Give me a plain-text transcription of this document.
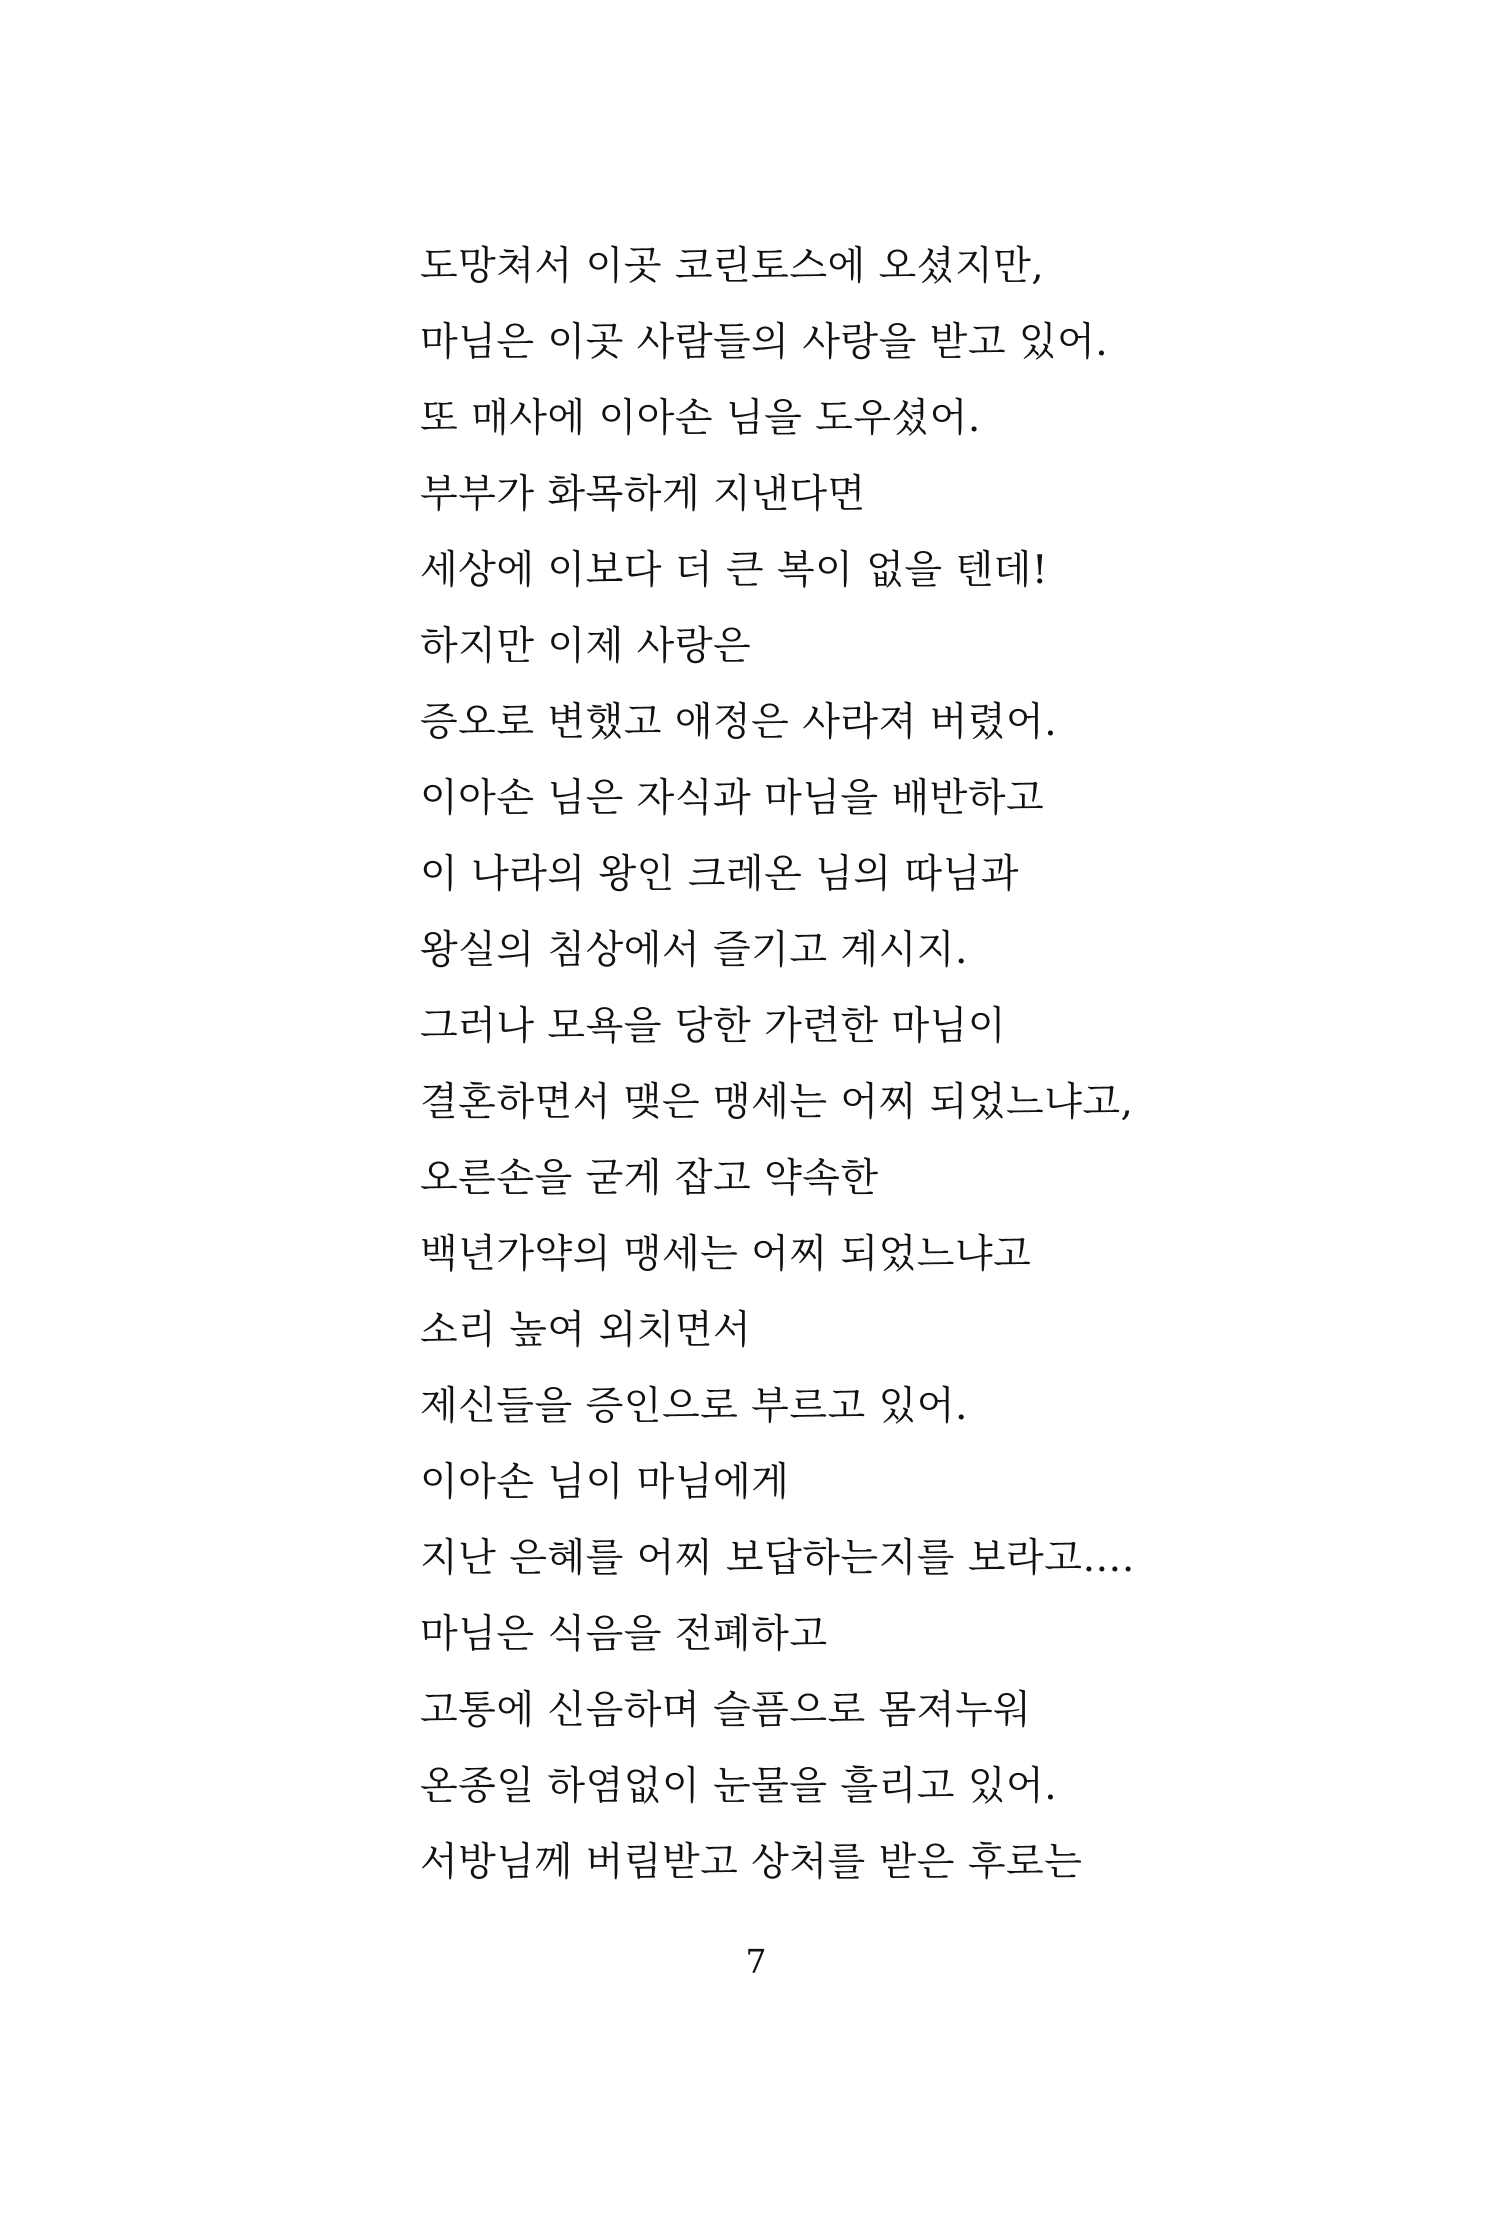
도망쳐서 이곳 코린토스에 오셨지만,
마님은 이곳 사람들의 사랑을 받고 있어.
또 매사에 이아손 님을 도우셨어.
부부가 화목하게 지낸다면
세상에 이보다 더 큰 복이 없을 텐데!
하지만 이제 사랑은
증오로 변했고 애정은 사라져 버렸어.
이아손 님은 자식과 마님을 배반하고
이 나라의 왕인 크레온 님의 따님과
왕실의 침상에서 즐기고 계시지.
그러나 모욕을 당한 가련한 마님이
결혼하면서 맺은 맹세는 어찌 되었느냐고,
오른손을 굳게 잡고 약속한
백년가약의 맹세는 어찌 되었느냐고
소리 높여 외치면서
제신들을 증인으로 부르고 있어.
이아손 님이 마님에게
지난 은혜를 어찌 보답하는지를 보라고….
마님은 식음을 전폐하고
고통에 신음하며 슬픔으로 몸져누워
온종일 하염없이 눈물을 흘리고 있어.
서방님께 버림받고 상처를 받은 후로는
7
